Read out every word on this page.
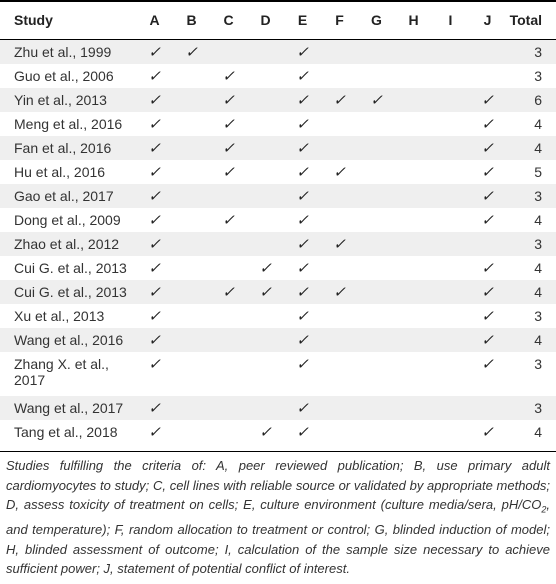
Study	A	B	C	D	E	F	G	H	I	J	Total
Zhu et al., 1999	✓	✓			✓						3
Guo et al., 2006	✓		✓		✓						3
Yin et al., 2013	✓		✓		✓	✓	✓			✓	6
Meng et al., 2016	✓		✓		✓					✓	4
Fan et al., 2016	✓		✓		✓					✓	4
Hu et al., 2016	✓		✓		✓	✓				✓	5
Gao et al., 2017	✓				✓					✓	3
Dong et al., 2009	✓		✓		✓					✓	4
Zhao et al., 2012	✓				✓	✓					3
Cui G. et al., 2013	✓			✓	✓					✓	4
Cui G. et al., 2013	✓		✓	✓	✓	✓				✓	4
Xu et al., 2013	✓				✓					✓	3
Wang et al., 2016	✓				✓					✓	4
Zhang X. et al., 2017	✓				✓					✓	3
Wang et al., 2017	✓				✓						3
Tang et al., 2018	✓			✓	✓					✓	4
Studies fulfilling the criteria of: A, peer reviewed publication; B, use primary adult cardiomyocytes to study; C, cell lines with reliable source or validated by appropriate methods; D, assess toxicity of treatment on cells; E, culture environment (culture media/sera, $pH/CO_2$, and temperature); F, random allocation to treatment or control; G, blinded induction of model; H, blinded assessment of outcome; I, calculation of the sample size necessary to achieve sufficient power; J, statement of potential conflict of interest.
